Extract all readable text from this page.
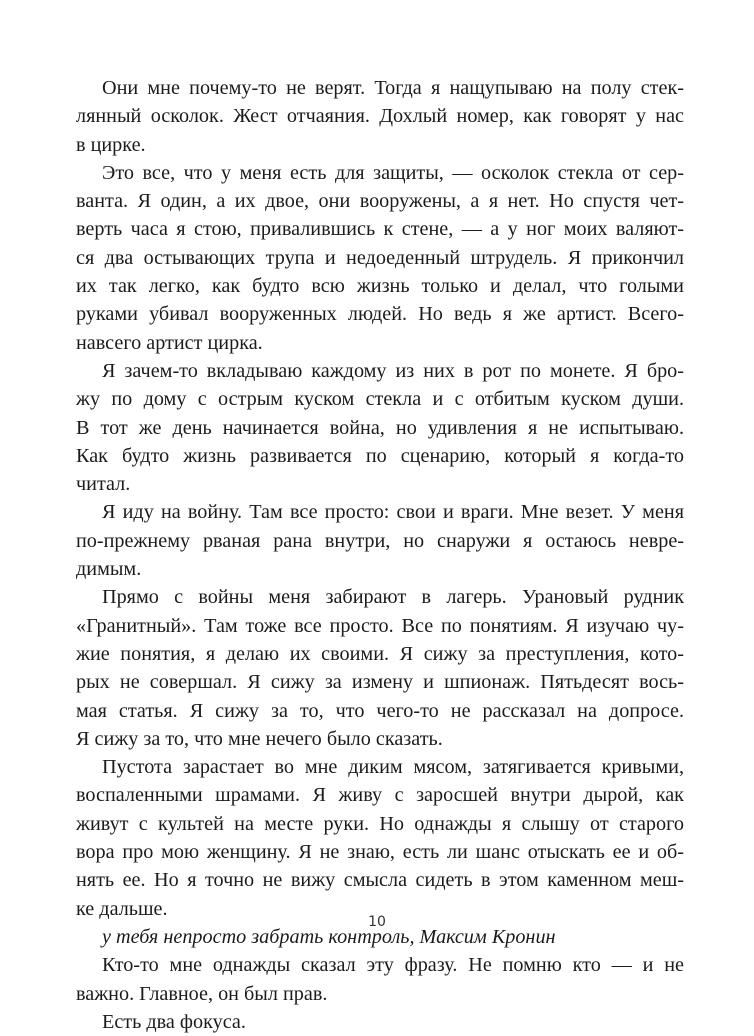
Они мне почему-то не верят. Тогда я нащупываю на полу стек-
лянный осколок. Жест отчаяния. Дохлый номер, как говорят у нас
в цирке.
Это все, что у меня есть для защиты, — осколок стекла от сер-
ванта. Я один, а их двое, они вооружены, а я нет. Но спустя чет-
верть часа я стою, привалившись к стене, — а у ног моих валяют-
ся два остывающих трупа и недоеденный штрудель. Я прикончил
их так легко, как будто всю жизнь только и делал, что голыми
руками убивал вооруженных людей. Но ведь я же артист. Всего-
навсего артист цирка.
Я зачем-то вкладываю каждому из них в рот по монете. Я бро-
жу по дому с острым куском стекла и с отбитым куском души.
В тот же день начинается война, но удивления я не испытываю.
Как будто жизнь развивается по сценарию, который я когда-то
читал.
Я иду на войну. Там все просто: свои и враги. Мне везет. У меня
по-прежнему рваная рана внутри, но снаружи я остаюсь невре-
димым.
Прямо с войны меня забирают в лагерь. Урановый рудник
«Гранитный». Там тоже все просто. Все по понятиям. Я изучаю чу-
жие понятия, я делаю их своими. Я сижу за преступления, кото-
рых не совершал. Я сижу за измену и шпионаж. Пятьдесят вось-
мая статья. Я сижу за то, что чего-то не рассказал на допросе.
Я сижу за то, что мне нечего было сказать.
Пустота зарастает во мне диким мясом, затягивается кривыми,
воспаленными шрамами. Я живу с заросшей внутри дырой, как
живут с культей на месте руки. Но однажды я слышу от старого
вора про мою женщину. Я не знаю, есть ли шанс отыскать ее и об-
нять ее. Но я точно не вижу смысла сидеть в этом каменном меш-
ке дальше.
у тебя непросто забрать контроль, Максим Кронин
Кто-то мне однажды сказал эту фразу. Не помню кто — и не
важно. Главное, он был прав.
Есть два фокуса.
10
